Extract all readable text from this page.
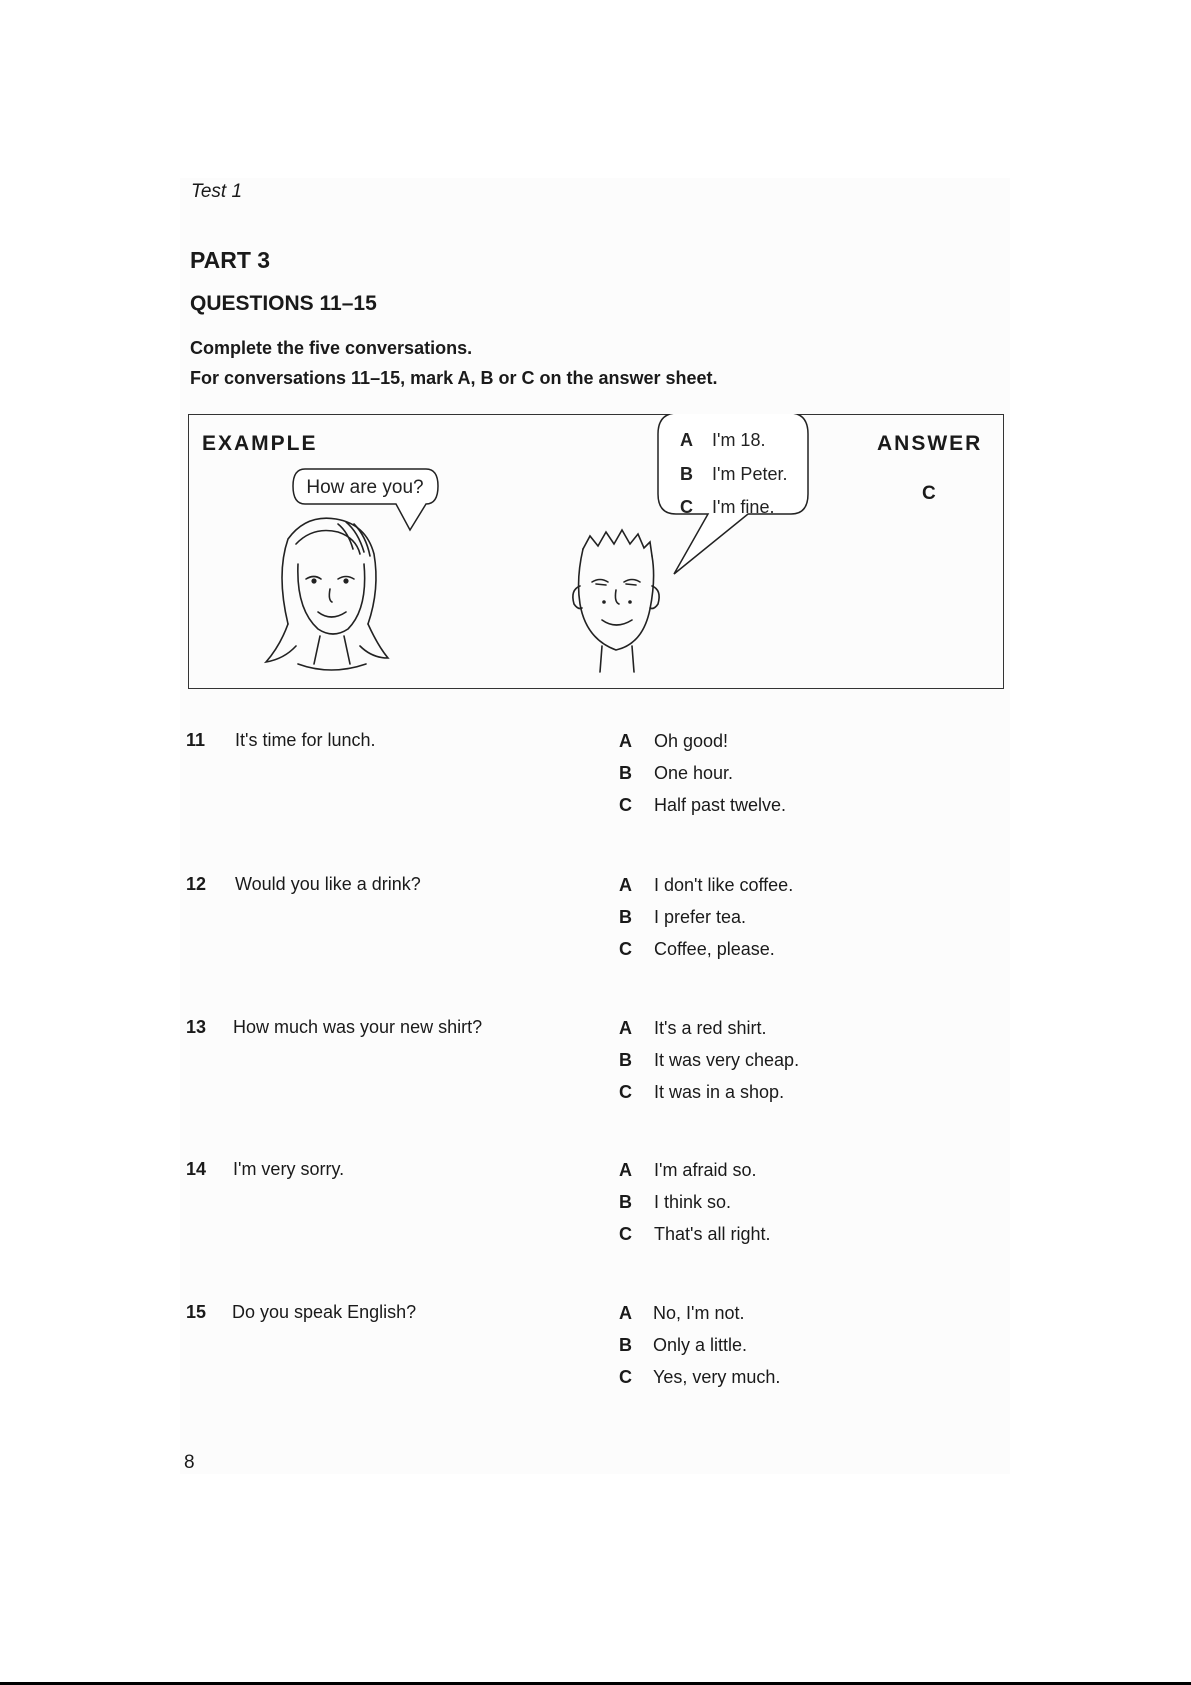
Test 1
PART 3
QUESTIONS 11–15
Complete the five conversations.
For conversations 11–15, mark A, B or C on the answer sheet.
How are you?
A I'm 18.
B I'm Peter.
C I'm fine.
EXAMPLE	ANSWER
C
11 It's time for lunch.	A Oh good!
B One hour.
C Half past twelve.
12 Would you like a drink?	A I don't like coffee.
B I prefer tea.
C Coffee, please.
13 How much was your new shirt?	A It's a red shirt.
B It was very cheap.
C It was in a shop.
14 I'm very sorry.	A I'm afraid so.
B I think so.
C That's all right.
15 Do you speak English?	A No, I'm not.
B Only a little.
C Yes, very much.
8
